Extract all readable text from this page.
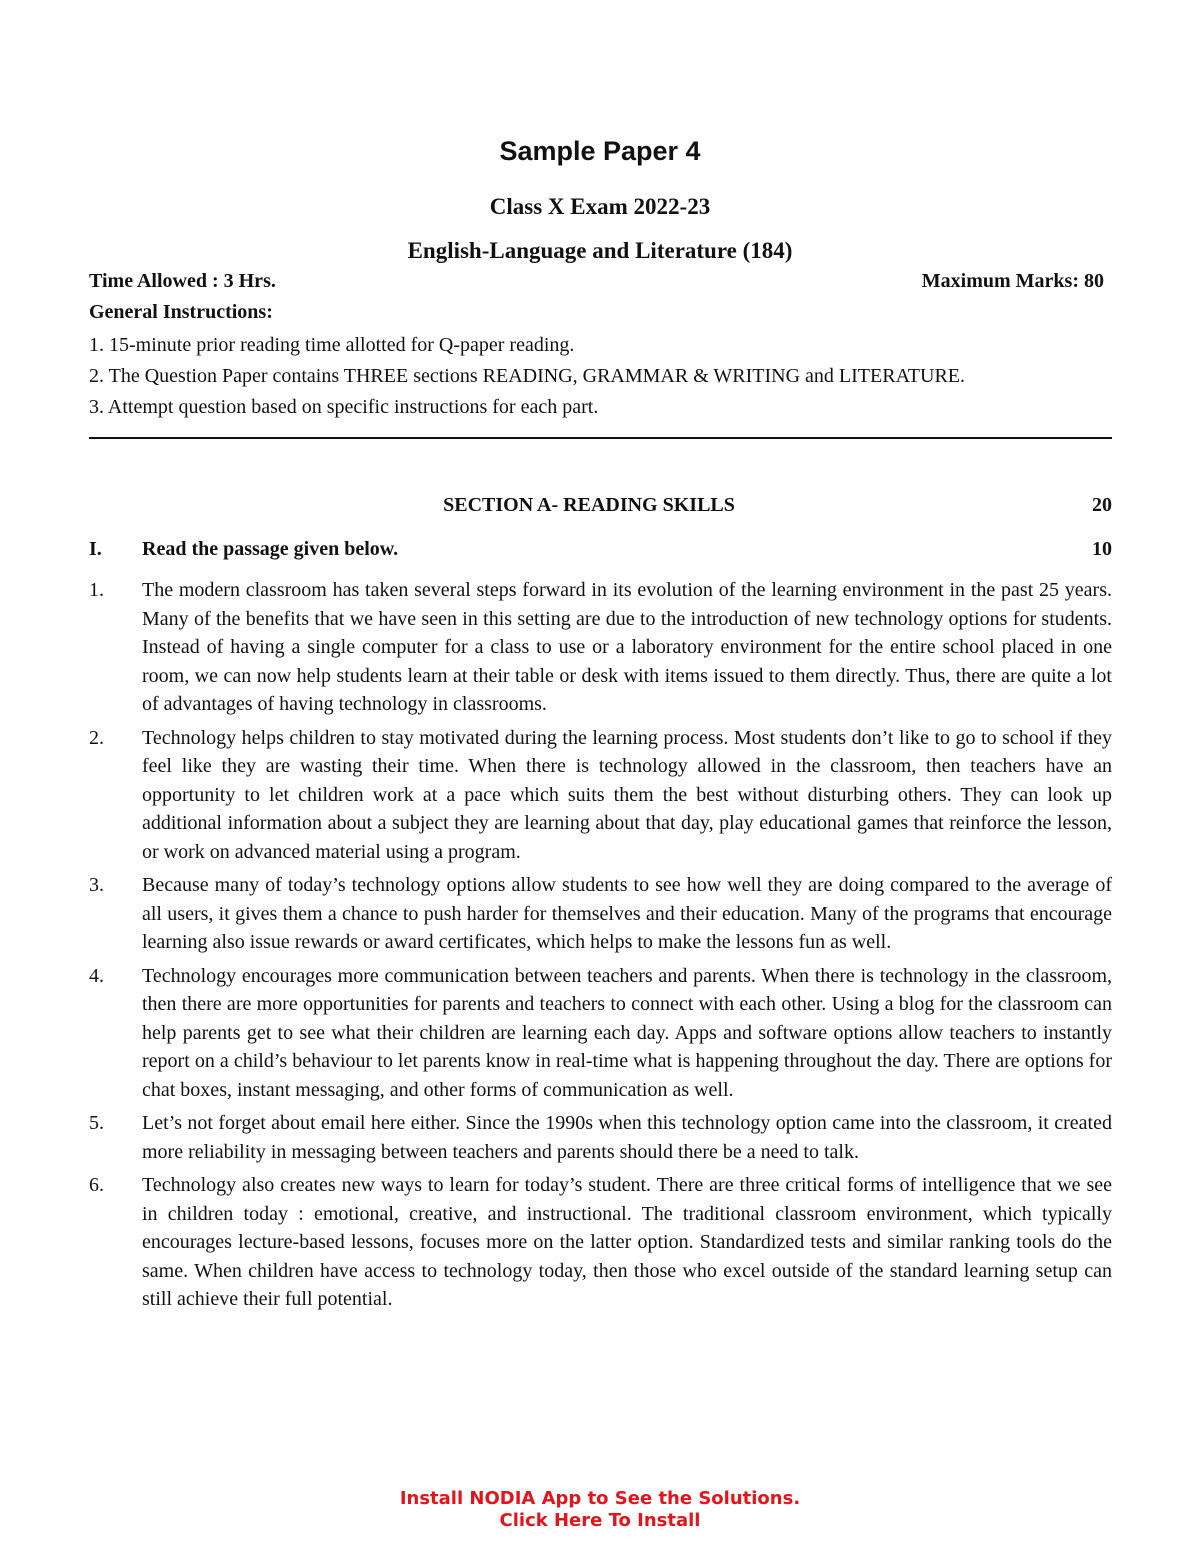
Sample Paper 4
Class X Exam 2022-23
English-Language and Literature (184)
Time Allowed : 3 Hrs.	Maximum Marks: 80
General Instructions:
1. 15-minute prior reading time allotted for Q-paper reading.
2. The Question Paper contains THREE sections READING, GRAMMAR & WRITING and LITERATURE.
3. Attempt question based on specific instructions for each part.
SECTION A- READING SKILLS	20
I. Read the passage given below.	10
1.	The modern classroom has taken several steps forward in its evolution of the learning environment in the past 25 years. Many of the benefits that we have seen in this setting are due to the introduction of new technology options for students. Instead of having a single computer for a class to use or a laboratory environment for the entire school placed in one room, we can now help students learn at their table or desk with items issued to them directly. Thus, there are quite a lot of advantages of having technology in classrooms.
2.	Technology helps children to stay motivated during the learning process. Most students don’t like to go to school if they feel like they are wasting their time. When there is technology allowed in the classroom, then teachers have an opportunity to let children work at a pace which suits them the best without disturbing others. They can look up additional information about a subject they are learning about that day, play educational games that reinforce the lesson, or work on advanced material using a program.
3.	Because many of today’s technology options allow students to see how well they are doing compared to the average of all users, it gives them a chance to push harder for themselves and their education. Many of the programs that encourage learning also issue rewards or award certificates, which helps to make the lessons fun as well.
4.	Technology encourages more communication between teachers and parents. When there is technology in the classroom, then there are more opportunities for parents and teachers to connect with each other. Using a blog for the classroom can help parents get to see what their children are learning each day. Apps and software options allow teachers to instantly report on a child’s behaviour to let parents know in real-time what is happening throughout the day. There are options for chat boxes, instant messaging, and other forms of communication as well.
5.	Let’s not forget about email here either. Since the 1990s when this technology option came into the classroom, it created more reliability in messaging between teachers and parents should there be a need to talk.
6.	Technology also creates new ways to learn for today’s student. There are three critical forms of intelligence that we see in children today : emotional, creative, and instructional. The traditional classroom environment, which typically encourages lecture-based lessons, focuses more on the latter option. Standardized tests and similar ranking tools do the same. When children have access to technology today, then those who excel outside of the standard learning setup can still achieve their full potential.
Install NODIA App to See the Solutions.
Click Here To Install
